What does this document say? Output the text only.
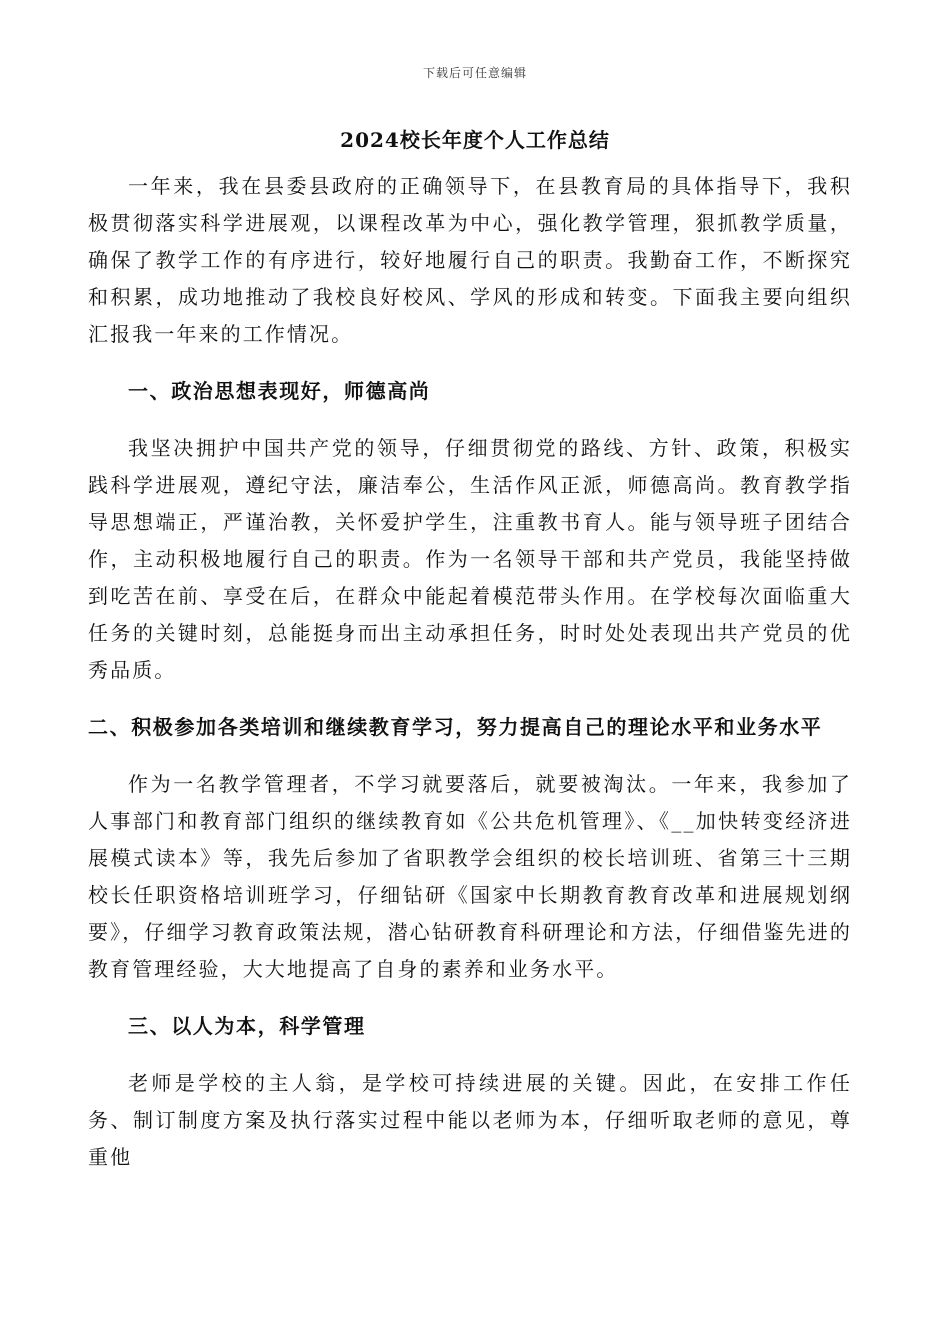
下载后可任意编辑
2024校长年度个人工作总结

一年来，我在县委县政府的正确领导下，在县教育局的具体指导下，我积极贯彻落实科学进展观，以课程改革为中心，强化教学管理，狠抓教学质量，确保了教学工作的有序进行，较好地履行自己的职责。我勤奋工作，不断探究和积累，成功地推动了我校良好校风、学风的形成和转变。下面我主要向组织汇报我一年来的工作情况。

一、政治思想表现好，师德高尚

我坚决拥护中国共产党的领导，仔细贯彻党的路线、方针、政策，积极实践科学进展观，遵纪守法，廉洁奉公，生活作风正派，师德高尚。教育教学指导思想端正，严谨治教，关怀爱护学生，注重教书育人。能与领导班子团结合作，主动积极地履行自己的职责。作为一名领导干部和共产党员，我能坚持做到吃苦在前、享受在后，在群众中能起着模范带头作用。在学校每次面临重大任务的关键时刻，总能挺身而出主动承担任务，时时处处表现出共产党员的优秀品质。

二、积极参加各类培训和继续教育学习，努力提高自己的理论水平和业务水平

作为一名教学管理者，不学习就要落后，就要被淘汰。一年来，我参加了人事部门和教育部门组织的继续教育如《公共危机管理》、《__加快转变经济进展模式读本》等，我先后参加了省职教学会组织的校长培训班、省第三十三期校长任职资格培训班学习，仔细钻研《国家中长期教育教育改革和进展规划纲要》，仔细学习教育政策法规，潜心钻研教育科研理论和方法，仔细借鉴先进的教育管理经验，大大地提高了自身的素养和业务水平。

三、以人为本，科学管理

老师是学校的主人翁，是学校可持续进展的关键。因此，在安排工作任务、制订制度方案及执行落实过程中能以老师为本，仔细听取老师的意见，尊重他
